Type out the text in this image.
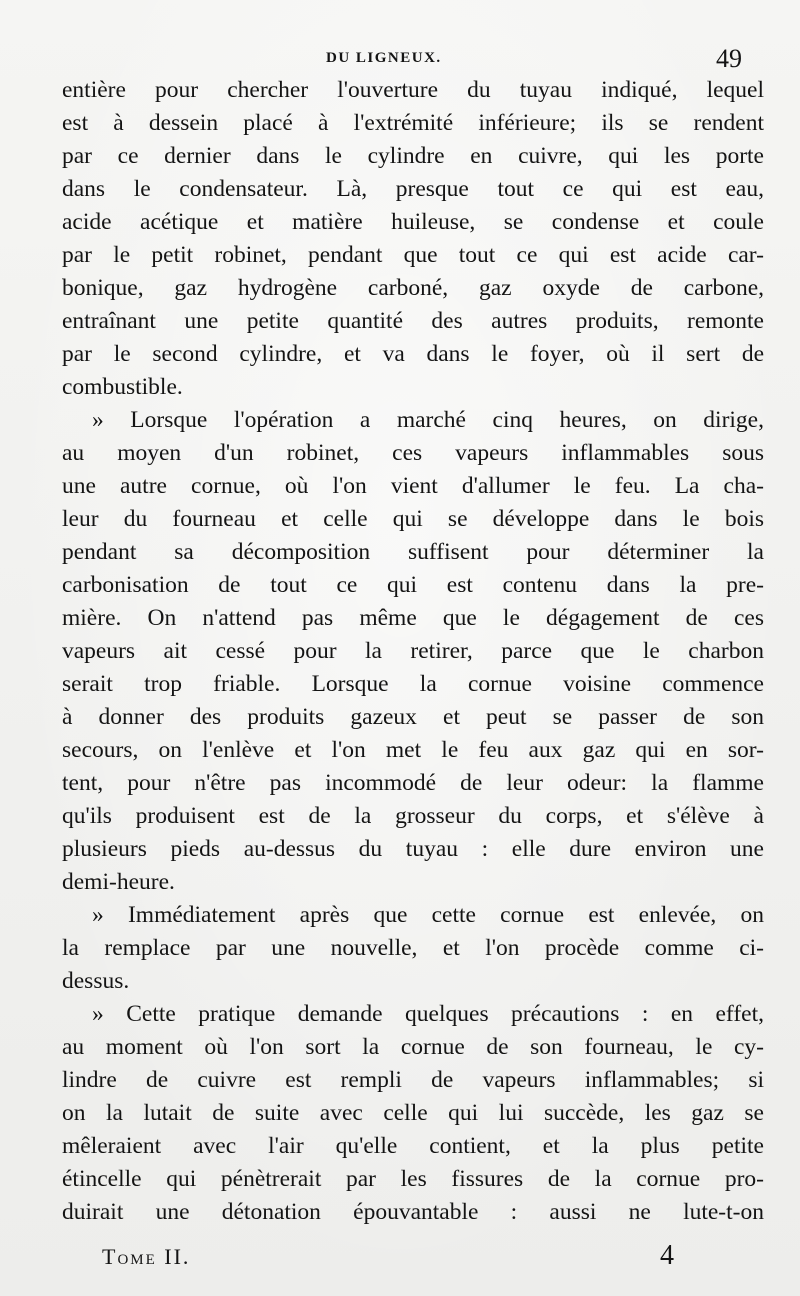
DU LIGNEUX.	49
entière pour chercher l'ouverture du tuyau indiqué, lequel
est à dessein placé à l'extrémité inférieure; ils se rendent
par ce dernier dans le cylindre en cuivre, qui les porte
dans le condensateur. Là, presque tout ce qui est eau,
acide acétique et matière huileuse, se condense et coule
par le petit robinet, pendant que tout ce qui est acide car-
bonique, gaz hydrogène carboné, gaz oxyde de carbone,
entraînant une petite quantité des autres produits, remonte
par le second cylindre, et va dans le foyer, où il sert de
combustible.
» Lorsque l'opération a marché cinq heures, on dirige,
au moyen d'un robinet, ces vapeurs inflammables sous
une autre cornue, où l'on vient d'allumer le feu. La cha-
leur du fourneau et celle qui se développe dans le bois
pendant sa décomposition suffisent pour déterminer la
carbonisation de tout ce qui est contenu dans la pre-
mière. On n'attend pas même que le dégagement de ces
vapeurs ait cessé pour la retirer, parce que le charbon
serait trop friable. Lorsque la cornue voisine commence
à donner des produits gazeux et peut se passer de son
secours, on l'enlève et l'on met le feu aux gaz qui en sor-
tent, pour n'être pas incommodé de leur odeur: la flamme
qu'ils produisent est de la grosseur du corps, et s'élève à
plusieurs pieds au-dessus du tuyau : elle dure environ une
demi-heure.
» Immédiatement après que cette cornue est enlevée, on
la remplace par une nouvelle, et l'on procède comme ci-
dessus.
» Cette pratique demande quelques précautions : en effet,
au moment où l'on sort la cornue de son fourneau, le cy-
lindre de cuivre est rempli de vapeurs inflammables; si
on la lutait de suite avec celle qui lui succède, les gaz se
mêleraient avec l'air qu'elle contient, et la plus petite
étincelle qui pénètrerait par les fissures de la cornue pro-
duirait une détonation épouvantable : aussi ne lute-t-on
Tome II.	4
